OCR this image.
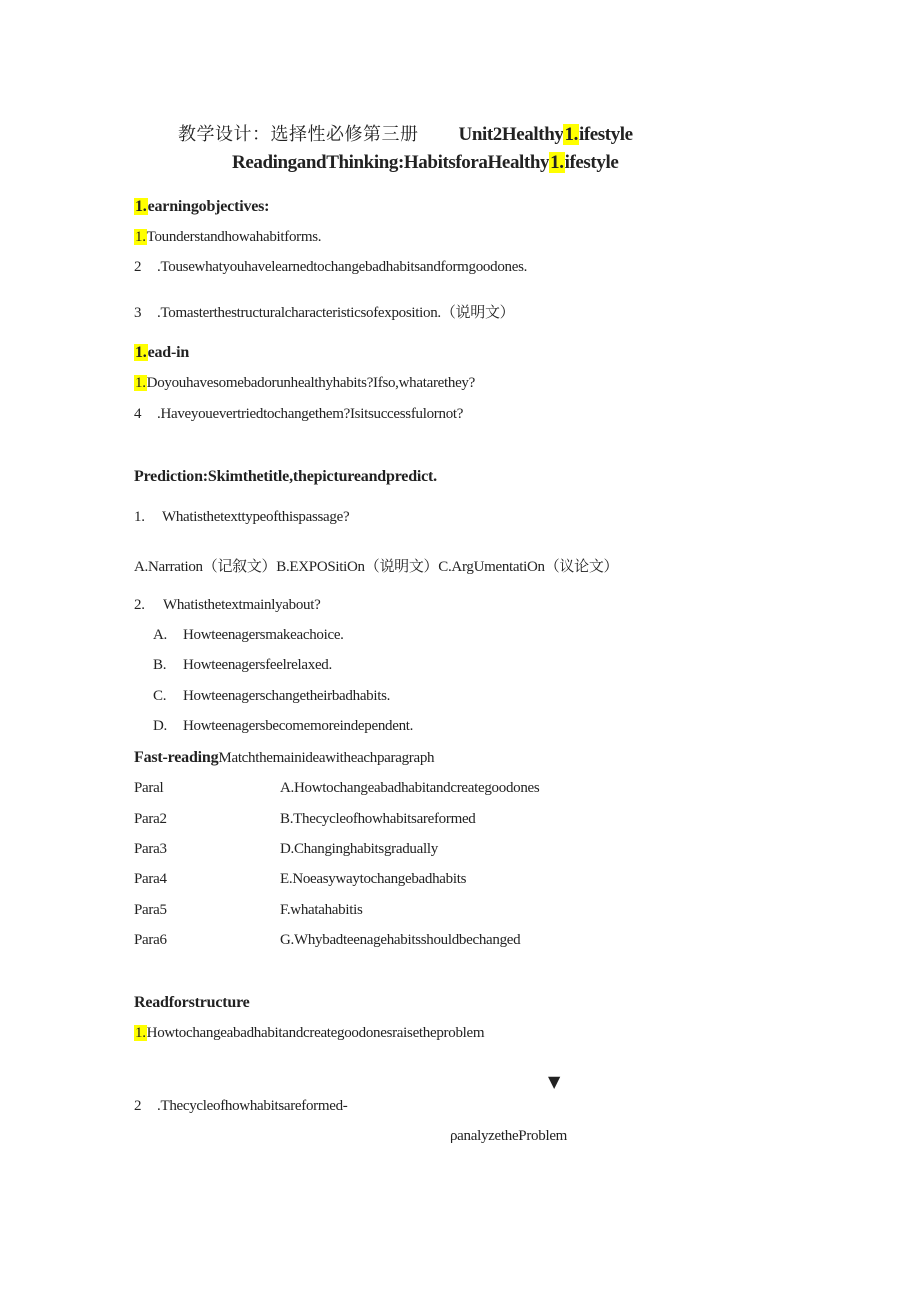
教学设计：选择性必修第三册 Unit2Healthy1.ifestyle
ReadingandThinking:HabitsforaHealthy1.ifestyle
1.earningobjectives:
1.Tounderstandhowahabitforms.
2 .Tousewhatyouhavelearnedtochangebadhabitsandformgoodones.
3 .Tomasterthestructuralcharacteristicsofexposition.（说明文）
1.ead-in
1.Doyouhavesomebadorunhealthyhabits?Ifso,whatarethey?
4 .Haveyouevertriedtochangethem?Isitsuccessfulornot?
Prediction:Skimthetitle,thepictureandpredict.
1. Whatisthetexttypeofthispassage?
A.Narration（记叙文）B.EXPOSitiOn（说明文）C.ArgUmentatiOn（议论文）
2. Whatisthetextmainlyabout?
A. Howteenagersmakeachoice.
B. Howteenagersfeelrelaxed.
C. Howteenagerschangetheirbadhabits.
D. Howteenagersbecomemoreindependent.
Fast-readingMatchthemainideawitheachparagraph
Paral	A.Howtochangeabadhabitandcreategoodones
Para2	B.Thecycleofhowhabitsareformed
Para3	D.Changinghabitsgradually
Para4	E.Noeasywaytochangebadhabits
Para5	F.whatahabitis
Para6	G.Whybadteenagehabitsshouldbechanged
Readforstructure
1.Howtochangeabadhabitandcreategoodonesraisetheproblem
▼
2 .Thecycleofhowhabitsareformed-
ρanalyzetheProblem
